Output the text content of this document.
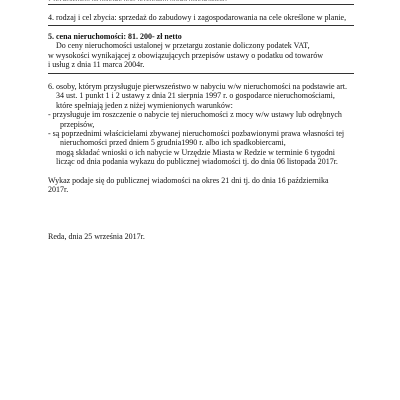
4. rodzaj i cel zbycia: sprzedaż do zabudowy i zagospodarowania na cele określone w planie,

5. cena nieruchomości: 81. 200- zł netto

Do ceny nieruchomości ustalonej w przetargu zostanie doliczony podatek VAT,

w wysokości wynikającej z obowiązujących przepisów ustawy o podatku od towarów

i usług z dnia 11 marca 2004r.

6. osoby, którym przysługuje pierwszeństwo w nabyciu w/w nieruchomości na podstawie art.

34 ust. 1 punkt 1 i 2 ustawy z dnia 21 sierpnia 1997 r. o gospodarce nieruchomościami,

które spełniają jeden z niżej wymienionych warunków:

- przysługuje im roszczenie o nabycie tej nieruchomości z mocy w/w ustawy lub odrębnych

przepisów,

- są poprzednimi właścicielami zbywanej nieruchomości pozbawionymi prawa własności tej

nieruchomości przed dniem 5 grudnia1990 r. albo ich spadkobiercami,

mogą składać wnioski o ich nabycie w Urzędzie Miasta w Redzie w terminie 6 tygodni

licząc od dnia podania wykazu do publicznej wiadomości tj. do dnia 06 listopada 2017r.

Wykaz podaje się do publicznej wiadomości na okres 21 dni tj. do dnia 16 października

2017r.

Reda, dnia 25 września 2017r.
